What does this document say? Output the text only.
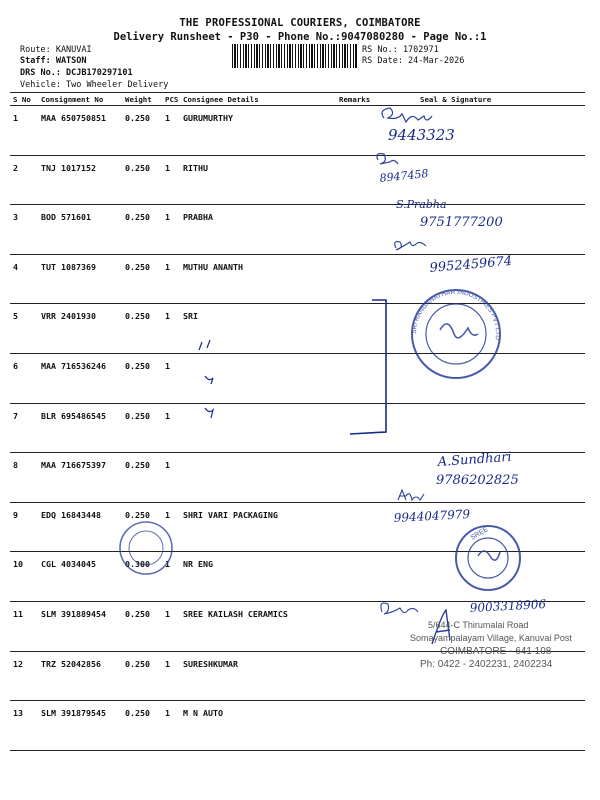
THE PROFESSIONAL COURIERS, COIMBATORE
Delivery Runsheet - P30 - Phone No.:9047080280 - Page No.:1
Route: KANUVAI
Staff: WATSON
DRS No.: DCJB170297101
Vehicle: Two Wheeler Delivery
RS No.: 1702971
RS Date: 24-Mar-2026
S No	Consignment No	Weight	PCS	Consignee Details	Remarks	Seal & Signature
1	MAA 650750851	0.250	1	GURUMURTHY		
2	TNJ 1017152	0.250	1	RITHU		
3	BOD 571601	0.250	1	PRABHA		
4	TUT 1087369	0.250	1	MUTHU ANANTH		
5	VRR 2401930	0.250	1	SRI		
6	MAA 716536246	0.250	1			
7	BLR 695486545	0.250	1			
8	MAA 716675397	0.250	1			
9	EDQ 16843448	0.250	1	SHRI VARI PACKAGING		
10	CGL 4034045	0.300	1	NR ENG		
11	SLM 391889454	0.250	1	SREE KAILASH CERAMICS		
12	TRZ 52042856	0.250	1	SURESHKUMAR		
13	SLM 391879545	0.250	1	M N AUTO		
9443323
8947458
S.Prabha
9751777200
9952459674
SRI RANGANATHAR INDUSTRIES PVT LTD
A.Sundhari
9786202825
9944047979
SREE
9003318906
5/644-C Thirumalai Road
Somayampalayam Village, Kanuvai Post
COIMBATORE - 641 108
Ph: 0422 - 2402231, 2402234
